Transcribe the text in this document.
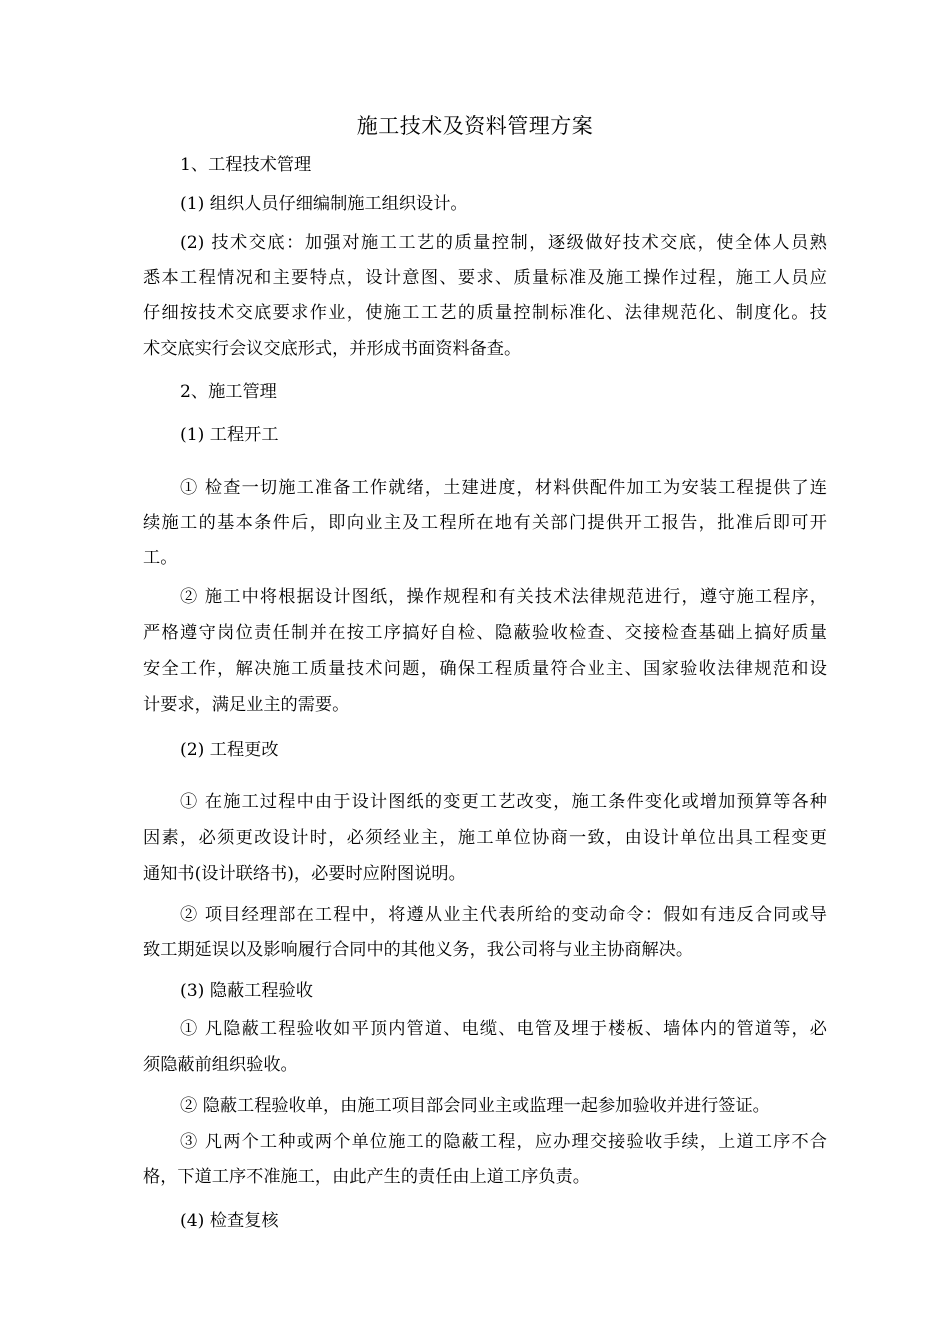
施工技术及资料管理方案
1、工程技术管理
(1) 组织人员仔细编制施工组织设计。
(2) 技术交底：加强对施工工艺的质量控制，逐级做好技术交底，使全体人员熟
悉本工程情况和主要特点，设计意图、要求、质量标准及施工操作过程，施工人员应
仔细按技术交底要求作业，使施工工艺的质量控制标准化、法律规范化、制度化。技
术交底实行会议交底形式，并形成书面资料备查。
2、施工管理
(1) 工程开工
① 检查一切施工准备工作就绪，土建进度，材料供配件加工为安装工程提供了连
续施工的基本条件后，即向业主及工程所在地有关部门提供开工报告，批准后即可开
工。
② 施工中将根据设计图纸，操作规程和有关技术法律规范进行，遵守施工程序，
严格遵守岗位责任制并在按工序搞好自检、隐蔽验收检查、交接检查基础上搞好质量
安全工作，解决施工质量技术问题，确保工程质量符合业主、国家验收法律规范和设
计要求，满足业主的需要。
(2) 工程更改
① 在施工过程中由于设计图纸的变更工艺改变，施工条件变化或增加预算等各种
因素，必须更改设计时，必须经业主，施工单位协商一致，由设计单位出具工程变更
通知书(设计联络书)，必要时应附图说明。
② 项目经理部在工程中，将遵从业主代表所给的变动命令：假如有违反合同或导
致工期延误以及影响履行合同中的其他义务，我公司将与业主协商解决。
(3) 隐蔽工程验收
① 凡隐蔽工程验收如平顶内管道、电缆、电管及埋于楼板、墙体内的管道等，必
须隐蔽前组织验收。
② 隐蔽工程验收单，由施工项目部会同业主或监理一起参加验收并进行签证。
③ 凡两个工种或两个单位施工的隐蔽工程，应办理交接验收手续，上道工序不合
格，下道工序不准施工，由此产生的责任由上道工序负责。
(4) 检查复核
